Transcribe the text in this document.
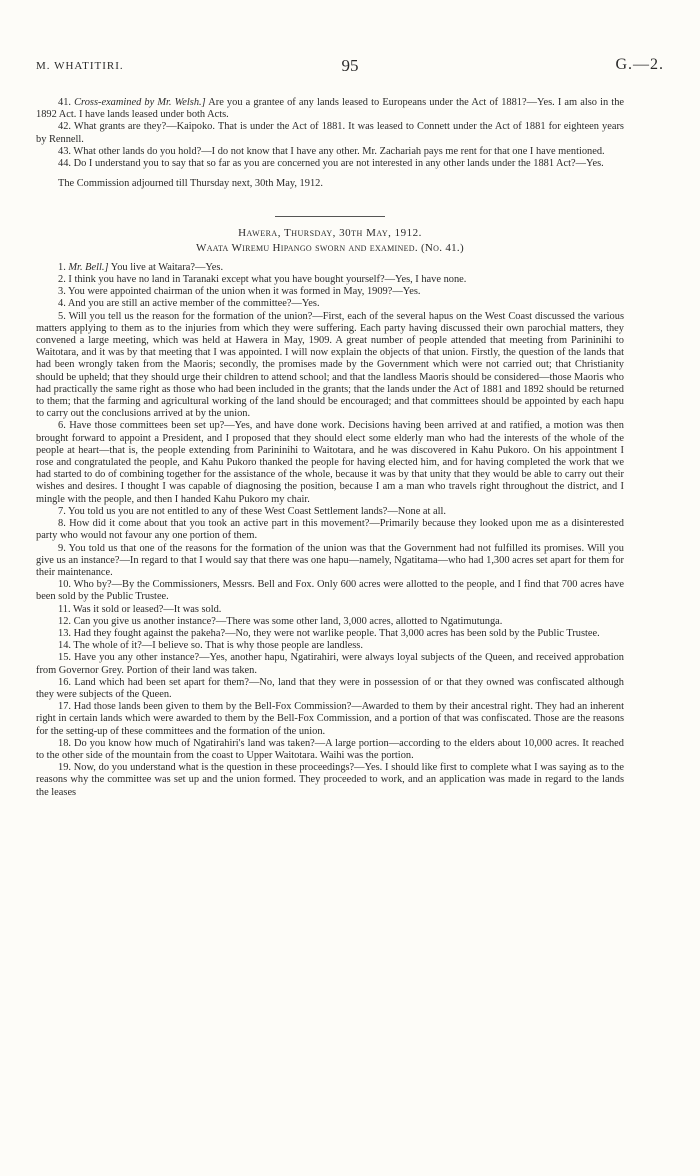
M. WHATITIRI.	95	G.—2.

41. Cross-examined by Mr. Welsh.] Are you a grantee of any lands leased to Europeans under the Act of 1881?—Yes. I am also in the 1892 Act. I have lands leased under both Acts.

42. What grants are they?—Kaipoko. That is under the Act of 1881. It was leased to Connett under the Act of 1881 for eighteen years by Rennell.

43. What other lands do you hold?—I do not know that I have any other. Mr. Zachariah pays me rent for that one I have mentioned.

44. Do I understand you to say that so far as you are concerned you are not interested in any other lands under the 1881 Act?—Yes.

The Commission adjourned till Thursday next, 30th May, 1912.

Hawera, Thursday, 30th May, 1912.

Waata Wiremu Hipango sworn and examined. (No. 41.)

1. Mr. Bell.] You live at Waitara?—Yes.

2. I think you have no land in Taranaki except what you have bought yourself?—Yes, I have none.

3. You were appointed chairman of the union when it was formed in May, 1909?—Yes.

4. And you are still an active member of the committee?—Yes.

5. Will you tell us the reason for the formation of the union?—First, each of the several hapus on the West Coast discussed the various matters applying to them as to the injuries from which they were suffering. Each party having discussed their own parochial matters, they convened a large meeting, which was held at Hawera in May, 1909. A great number of people attended that meeting from Parininihi to Waitotara, and it was by that meeting that I was appointed. I will now explain the objects of that union. Firstly, the question of the lands that had been wrongly taken from the Maoris; secondly, the promises made by the Government which were not carried out; that Christianity should be upheld; that they should urge their children to attend school; and that the landless Maoris should be considered—those Maoris who had practically the same right as those who had been included in the grants; that the lands under the Act of 1881 and 1892 should be returned to them; that the farming and agricultural working of the land should be encouraged; and that committees should be appointed by each hapu to carry out the conclusions arrived at by the union.

6. Have those committees been set up?—Yes, and have done work. Decisions having been arrived at and ratified, a motion was then brought forward to appoint a President, and I proposed that they should elect some elderly man who had the interests of the whole of the people at heart—that is, the people extending from Parininihi to Waitotara, and he was discovered in Kahu Pukoro. On his appointment I rose and congratulated the people, and Kahu Pukoro thanked the people for having elected him, and for having completed the work that we had started to do of combining together for the assistance of the whole, because it was by that unity that they would be able to carry out their wishes and desires. I thought I was capable of diagnosing the position, because I am a man who travels right throughout the district, and I mingle with the people, and then I handed Kahu Pukoro my chair.

7. You told us you are not entitled to any of these West Coast Settlement lands?—None at all.

8. How did it come about that you took an active part in this movement?—Primarily because they looked upon me as a disinterested party who would not favour any one portion of them.

9. You told us that one of the reasons for the formation of the union was that the Government had not fulfilled its promises. Will you give us an instance?—In regard to that I would say that there was one hapu—namely, Ngatitama—who had 1,300 acres set apart for them for their maintenance.

10. Who by?—By the Commissioners, Messrs. Bell and Fox. Only 600 acres were allotted to the people, and I find that 700 acres have been sold by the Public Trustee.

11. Was it sold or leased?—It was sold.

12. Can you give us another instance?—There was some other land, 3,000 acres, allotted to Ngatimutunga.

13. Had they fought against the pakeha?—No, they were not warlike people. That 3,000 acres has been sold by the Public Trustee.

14. The whole of it?—I believe so. That is why those people are landless.

15. Have you any other instance?—Yes, another hapu, Ngatirahiri, were always loyal subjects of the Queen, and received approbation from Governor Grey. Portion of their land was taken.

16. Land which had been set apart for them?—No, land that they were in possession of or that they owned was confiscated although they were subjects of the Queen.

17. Had those lands been given to them by the Bell-Fox Commission?—Awarded to them by their ancestral right. They had an inherent right in certain lands which were awarded to them by the Bell-Fox Commission, and a portion of that was confiscated. Those are the reasons for the setting-up of these committees and the formation of the union.

18. Do you know how much of Ngatirahiri's land was taken?—A large portion—according to the elders about 10,000 acres. It reached to the other side of the mountain from the coast to Upper Waitotara. Waihi was the portion.

19. Now, do you understand what is the question in these proceedings?—Yes. I should like first to complete what I was saying as to the reasons why the committee was set up and the union formed. They proceeded to work, and an application was made in regard to the lands the leases
